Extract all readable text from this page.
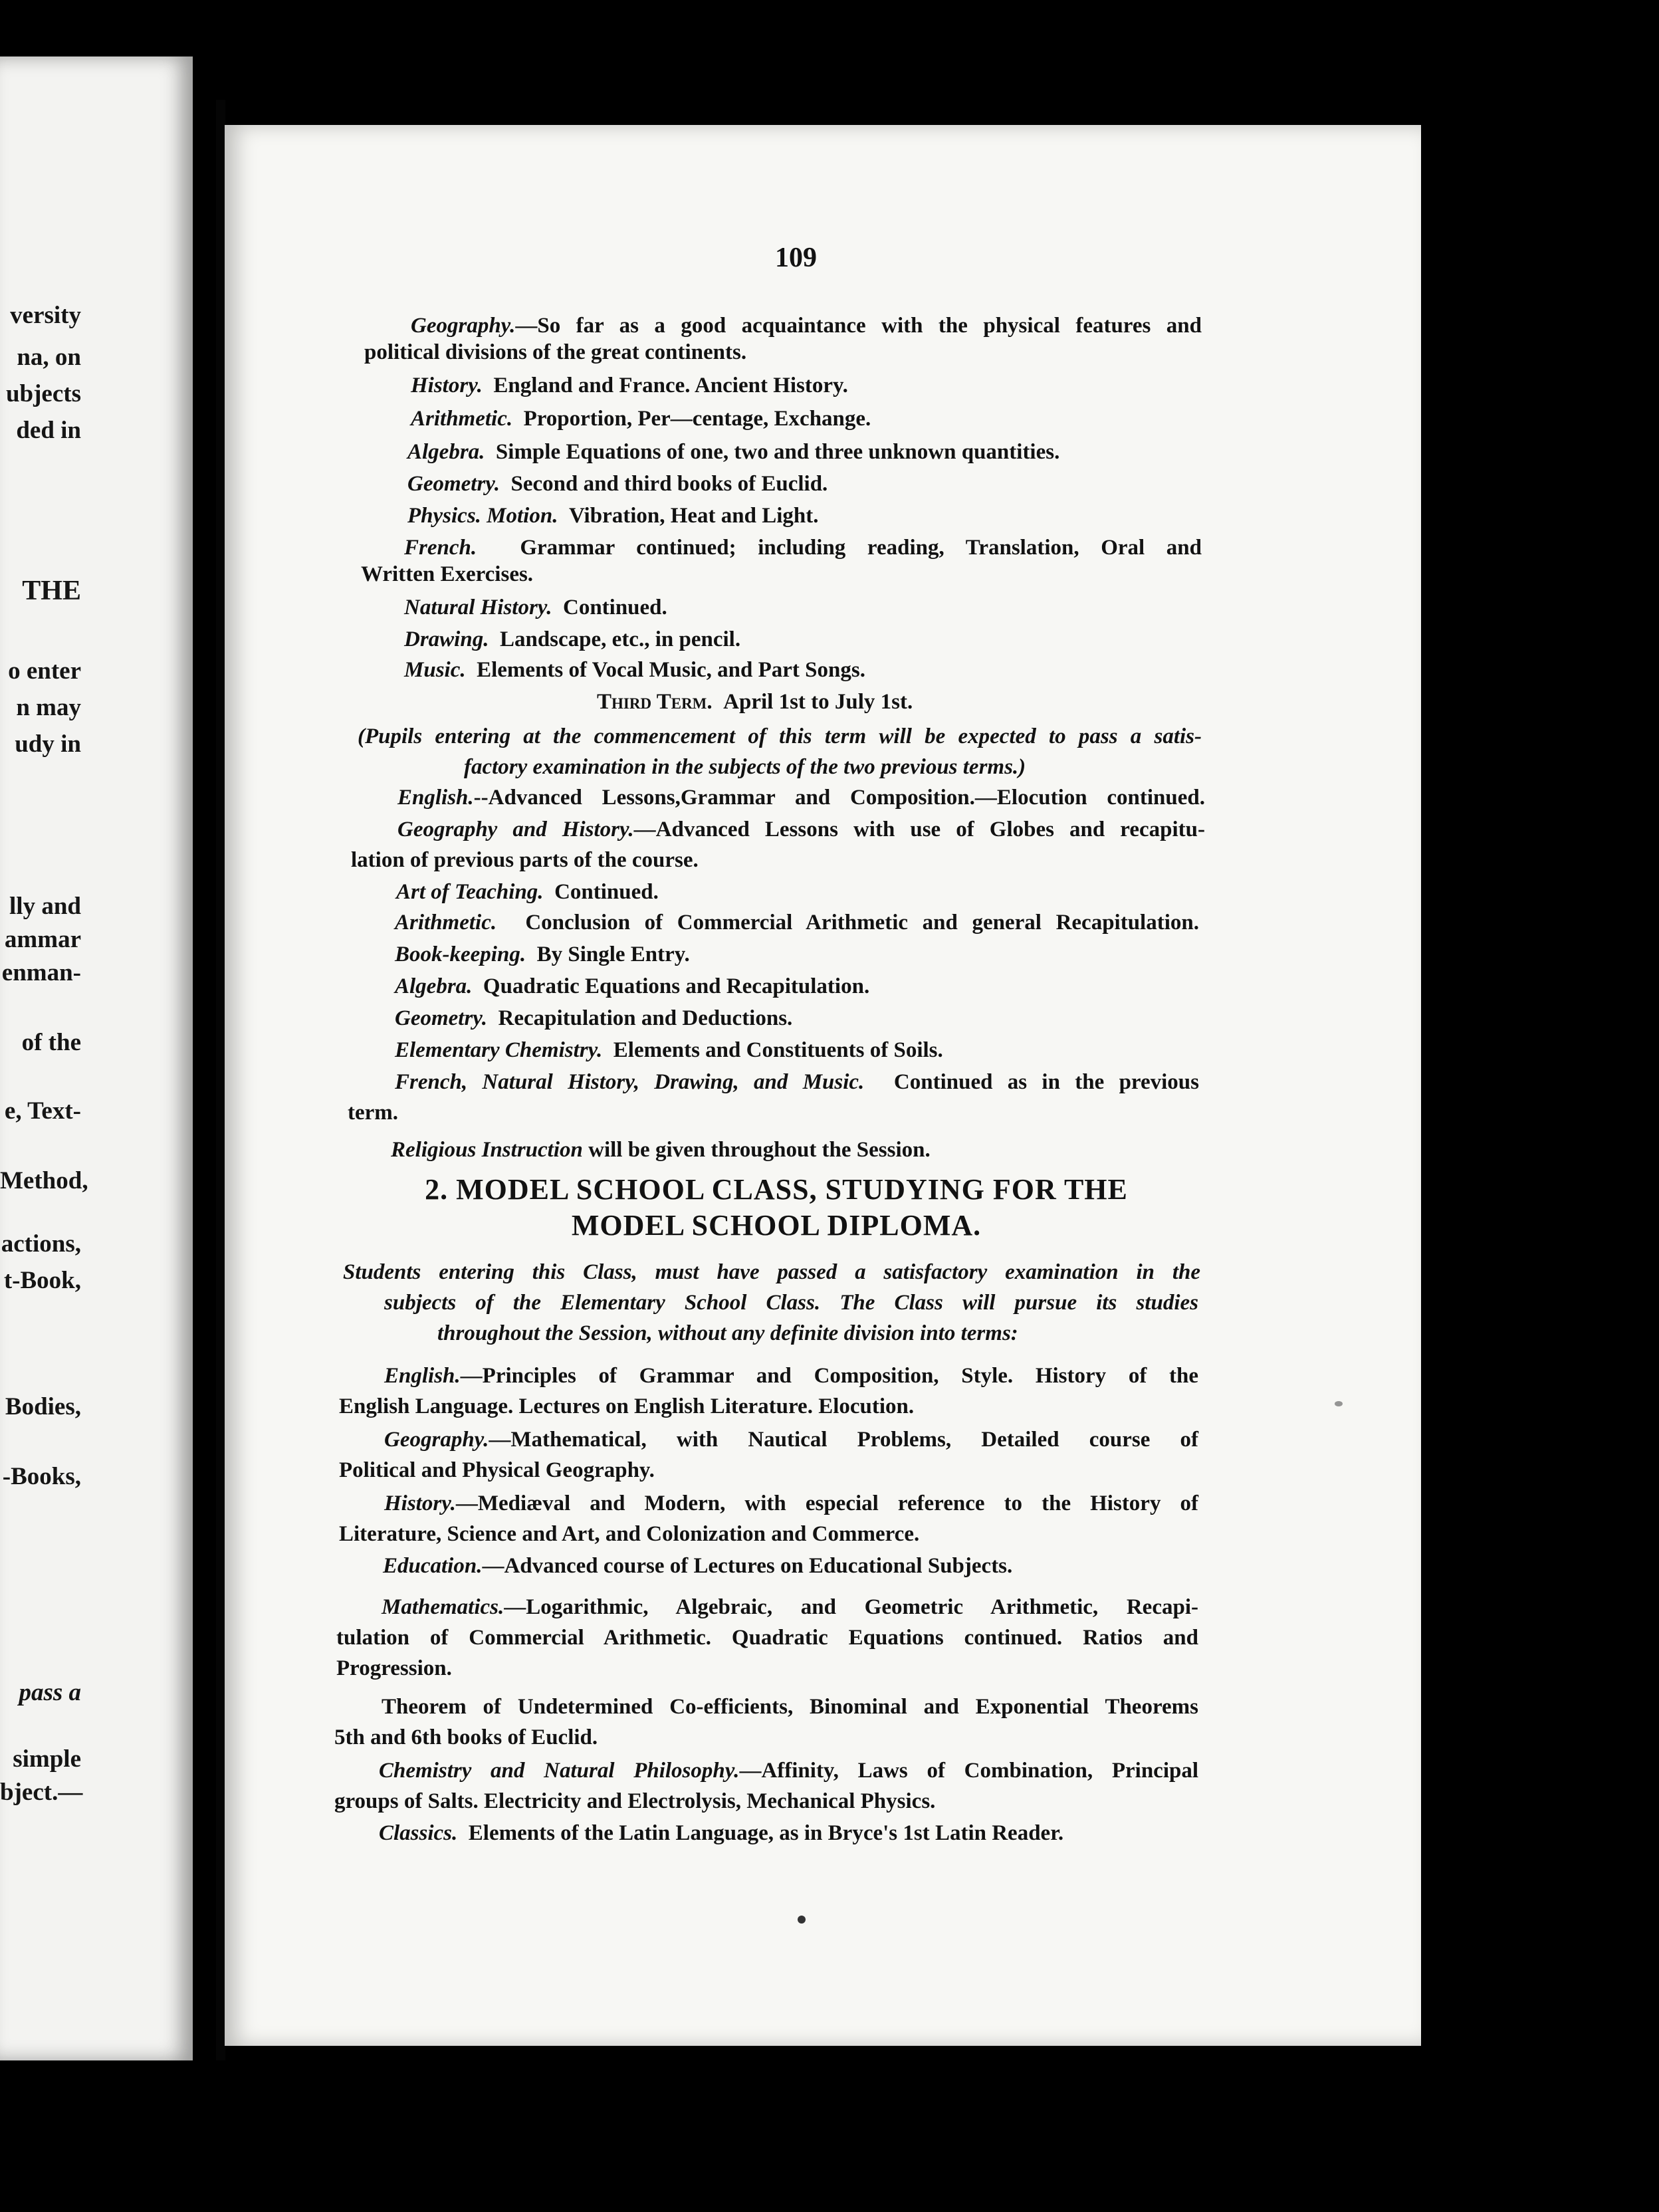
versity
na, on
ubjects
ded in
THE
o enter
n may
udy in
lly and
ammar
enman-
of the
e, Text-
Method,
actions,
t-Book,
Bodies,
-Books,
pass a
simple
bject.—
109
Geography.—So far as a good acquaintance with the physical features and
political divisions of the great continents.
History. England and France. Ancient History.
Arithmetic. Proportion, Per—centage, Exchange.
Algebra. Simple Equations of one, two and three unknown quantities.
Geometry. Second and third books of Euclid.
Physics. Motion. Vibration, Heat and Light.
French. Grammar continued; including reading, Translation, Oral and
Written Exercises.
Natural History. Continued.
Drawing. Landscape, etc., in pencil.
Music. Elements of Vocal Music, and Part Songs.
Third Term. April 1st to July 1st.
(Pupils entering at the commencement of this term will be expected to pass a satis-
factory examination in the subjects of the two previous terms.)
English.--Advanced Lessons,Grammar and Composition.—Elocution continued.
Geography and History.—Advanced Lessons with use of Globes and recapitu-
lation of previous parts of the course.
Art of Teaching. Continued.
Arithmetic. Conclusion of Commercial Arithmetic and general Recapitulation.
Book-keeping. By Single Entry.
Algebra. Quadratic Equations and Recapitulation.
Geometry. Recapitulation and Deductions.
Elementary Chemistry. Elements and Constituents of Soils.
French, Natural History, Drawing, and Music. Continued as in the previous
term.
Religious Instruction will be given throughout the Session.
2. MODEL SCHOOL CLASS, STUDYING FOR THE
MODEL SCHOOL DIPLOMA.
Students entering this Class, must have passed a satisfactory examination in the
subjects of the Elementary School Class. The Class will pursue its studies
throughout the Session, without any definite division into terms:
English.—Principles of Grammar and Composition, Style. History of the
English Language. Lectures on English Literature. Elocution.
Geography.—Mathematical, with Nautical Problems, Detailed course of
Political and Physical Geography.
History.—Mediæval and Modern, with especial reference to the History of
Literature, Science and Art, and Colonization and Commerce.
Education.—Advanced course of Lectures on Educational Subjects.
Mathematics.—Logarithmic, Algebraic, and Geometric Arithmetic, Recapi-
tulation of Commercial Arithmetic. Quadratic Equations continued. Ratios and
Progression.
Theorem of Undetermined Co-efficients, Binominal and Exponential Theorems
5th and 6th books of Euclid.
Chemistry and Natural Philosophy.—Affinity, Laws of Combination, Principal
groups of Salts. Electricity and Electrolysis, Mechanical Physics.
Classics. Elements of the Latin Language, as in Bryce's 1st Latin Reader.
